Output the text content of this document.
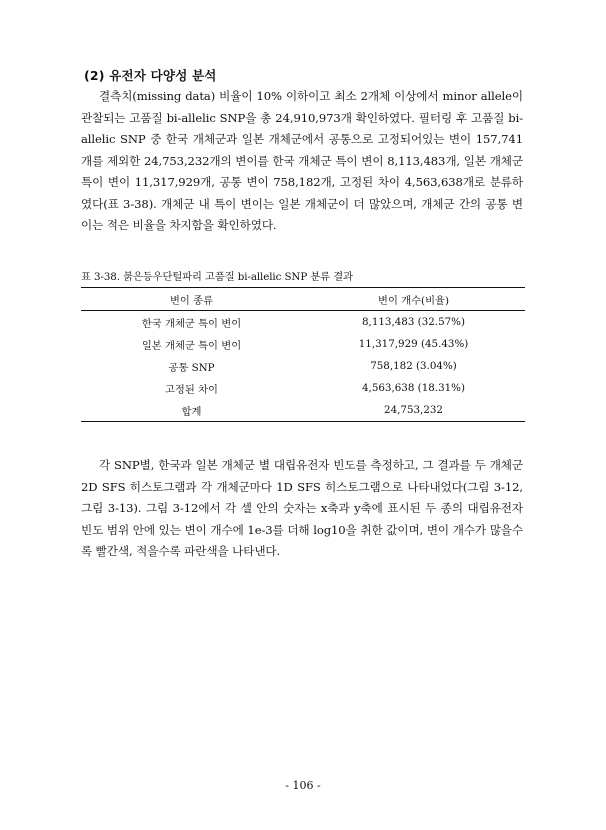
(2) 유전자 다양성 분석

결측치(missing data) 비율이 10% 이하이고 최소 2개체 이상에서 minor allele이 관찰되는 고품질 bi-allelic SNP을 총 24,910,973개 확인하였다. 필터링 후 고품질 bi-allelic SNP 중 한국 개체군과 일본 개체군에서 공통으로 고정되어있는 변이 157,741개를 제외한 24,753,232개의 변이를 한국 개체군 특이 변이 8,113,483개, 일본 개체군 특이 변이 11,317,929개, 공통 변이 758,182개, 고정된 차이 4,563,638개로 분류하였다(표 3-38). 개체군 내 특이 변이는 일본 개체군이 더 많았으며, 개체군 간의 공통 변이는 적은 비율을 차지함을 확인하였다.

표 3-38. 붉은등우단털파리 고품질 bi-allelic SNP 분류 결과
변이 종류	변이 개수(비율)
한국 개체군 특이 변이	8,113,483 (32.57%)
일본 개체군 특이 변이	11,317,929 (45.43%)
공통 SNP	758,182 (3.04%)
고정된 차이	4,563,638 (18.31%)
합계	24,753,232

각 SNP별, 한국과 일본 개체군 별 대립유전자 빈도를 측정하고, 그 결과를 두 개체군 2D SFS 히스토그램과 각 개체군마다 1D SFS 히스토그램으로 나타내었다(그림 3-12, 그림 3-13). 그림 3-12에서 각 셀 안의 숫자는 x축과 y축에 표시된 두 종의 대립유전자 빈도 범위 안에 있는 변이 개수에 1e-3를 더해 log10을 취한 값이며, 변이 개수가 많을수록 빨간색, 적을수록 파란색을 나타낸다.

- 106 -
